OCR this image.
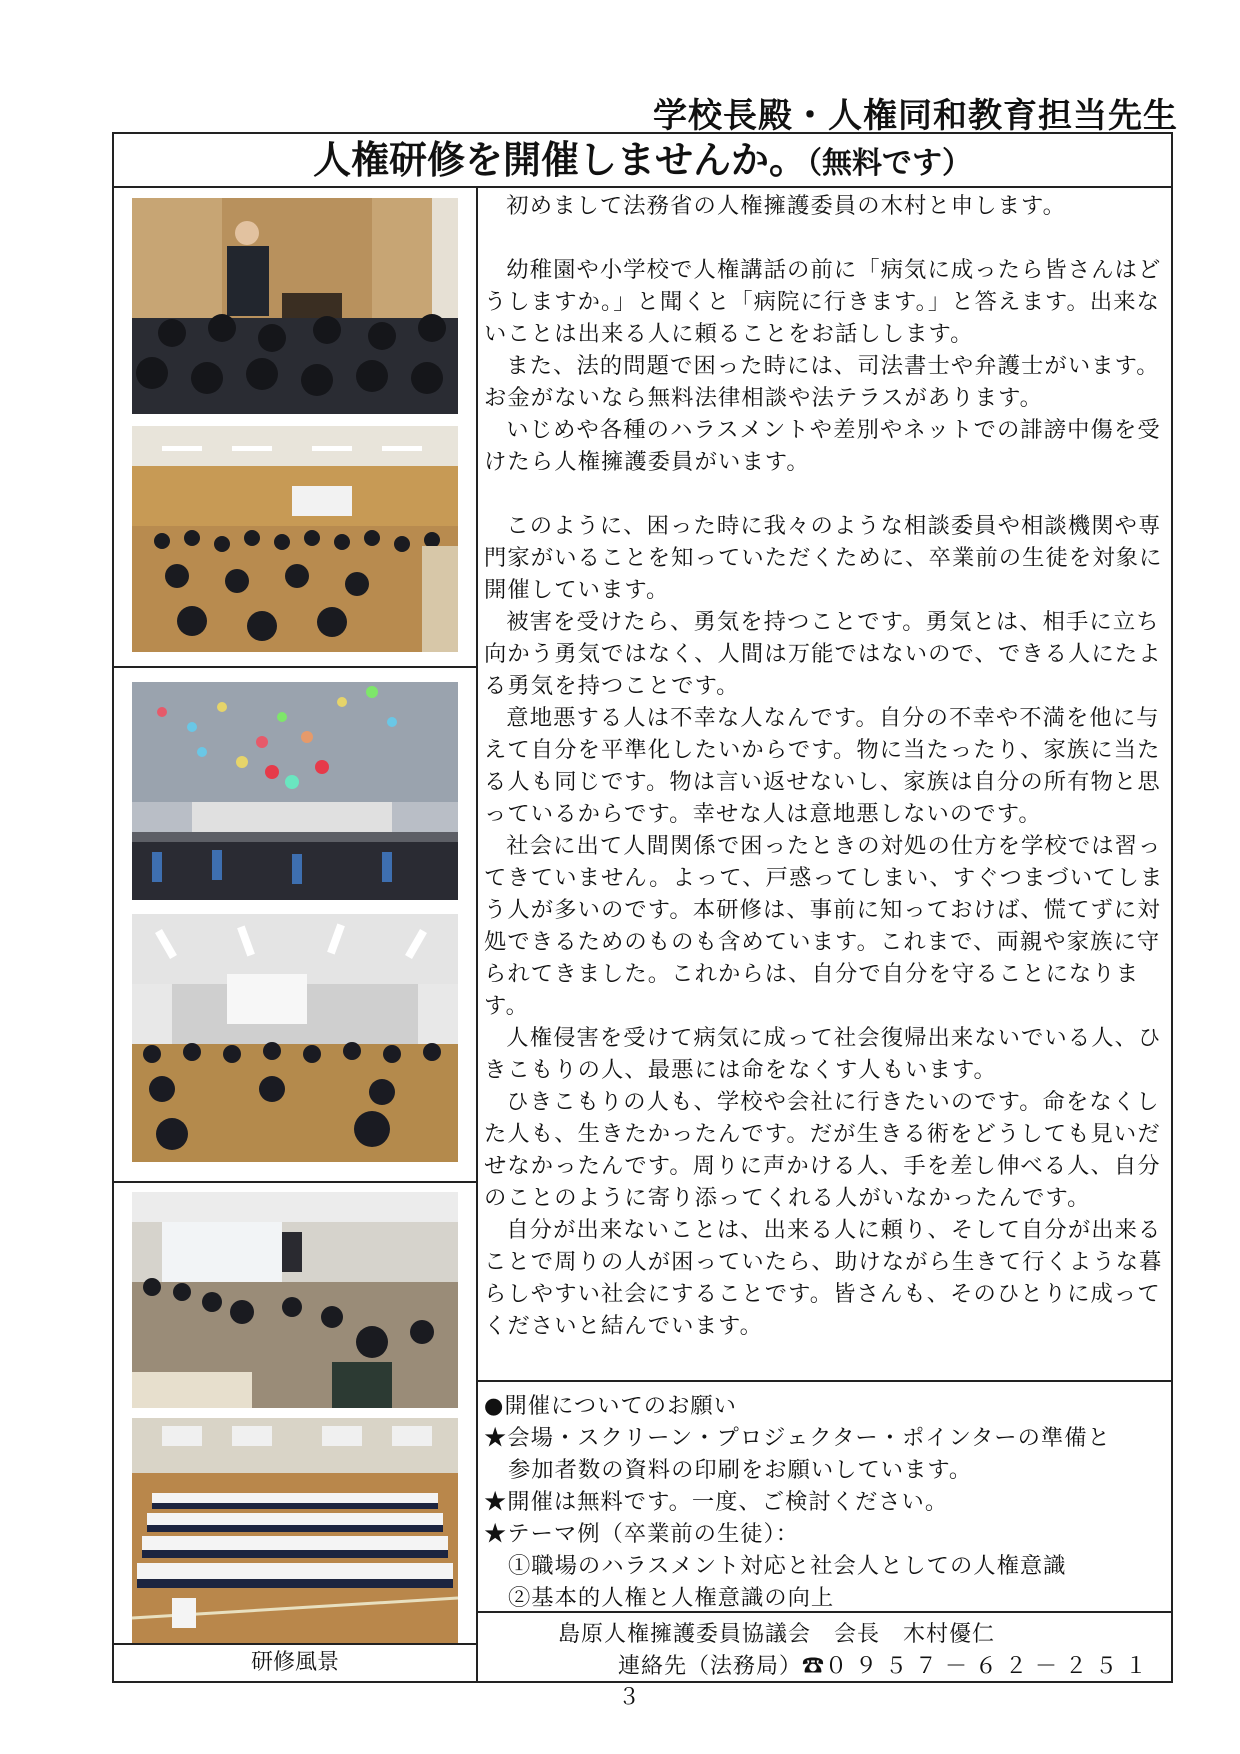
学校長殿・人権同和教育担当先生
人権研修を開催しませんか。（無料です）
研修風景

初めまして法務省の人権擁護委員の木村と申します。

幼稚園や小学校で人権講話の前に「病気に成ったら皆さんはどうしますか。」と聞くと「病院に行きます。」と答えます。出来ないことは出来る人に頼ることをお話しします。

また、法的問題で困った時には、司法書士や弁護士がいます。お金がないなら無料法律相談や法テラスがあります。

いじめや各種のハラスメントや差別やネットでの誹謗中傷を受けたら人権擁護委員がいます。

このように、困った時に我々のような相談委員や相談機関や専門家がいることを知っていただくために、卒業前の生徒を対象に開催しています。

被害を受けたら、勇気を持つことです。勇気とは、相手に立ち向かう勇気ではなく、人間は万能ではないので、できる人にたよる勇気を持つことです。

意地悪する人は不幸な人なんです。自分の不幸や不満を他に与えて自分を平準化したいからです。物に当たったり、家族に当たる人も同じです。物は言い返せないし、家族は自分の所有物と思っているからです。幸せな人は意地悪しないのです。

社会に出て人間関係で困ったときの対処の仕方を学校では習ってきていません。よって、戸惑ってしまい、すぐつまづいてしまう人が多いのです。本研修は、事前に知っておけば、慌てずに対処できるためのものも含めています。これまで、両親や家族に守られてきました。これからは、自分で自分を守ることになります。

人権侵害を受けて病気に成って社会復帰出来ないでいる人、ひきこもりの人、最悪には命をなくす人もいます。

ひきこもりの人も、学校や会社に行きたいのです。命をなくした人も、生きたかったんです。だが生きる術をどうしても見いだせなかったんです。周りに声かける人、手を差し伸べる人、自分のことのように寄り添ってくれる人がいなかったんです。

自分が出来ないことは、出来る人に頼り、そして自分が出来ることで周りの人が困っていたら、助けながら生きて行くような暮らしやすい社会にすることです。皆さんも、そのひとりに成ってくださいと結んでいます。

●開催についてのお願い
★会場・スクリーン・プロジェクター・ポインターの準備と
参加者数の資料の印刷をお願いしています。
★開催は無料です。一度、ご検討ください。
★テーマ例（卒業前の生徒）：
①職場のハラスメント対応と社会人としての人権意識
②基本的人権と人権意識の向上
島原人権擁護委員協議会　会長　木村優仁
連絡先（法務局）☎０９５７－６２－２５１３
